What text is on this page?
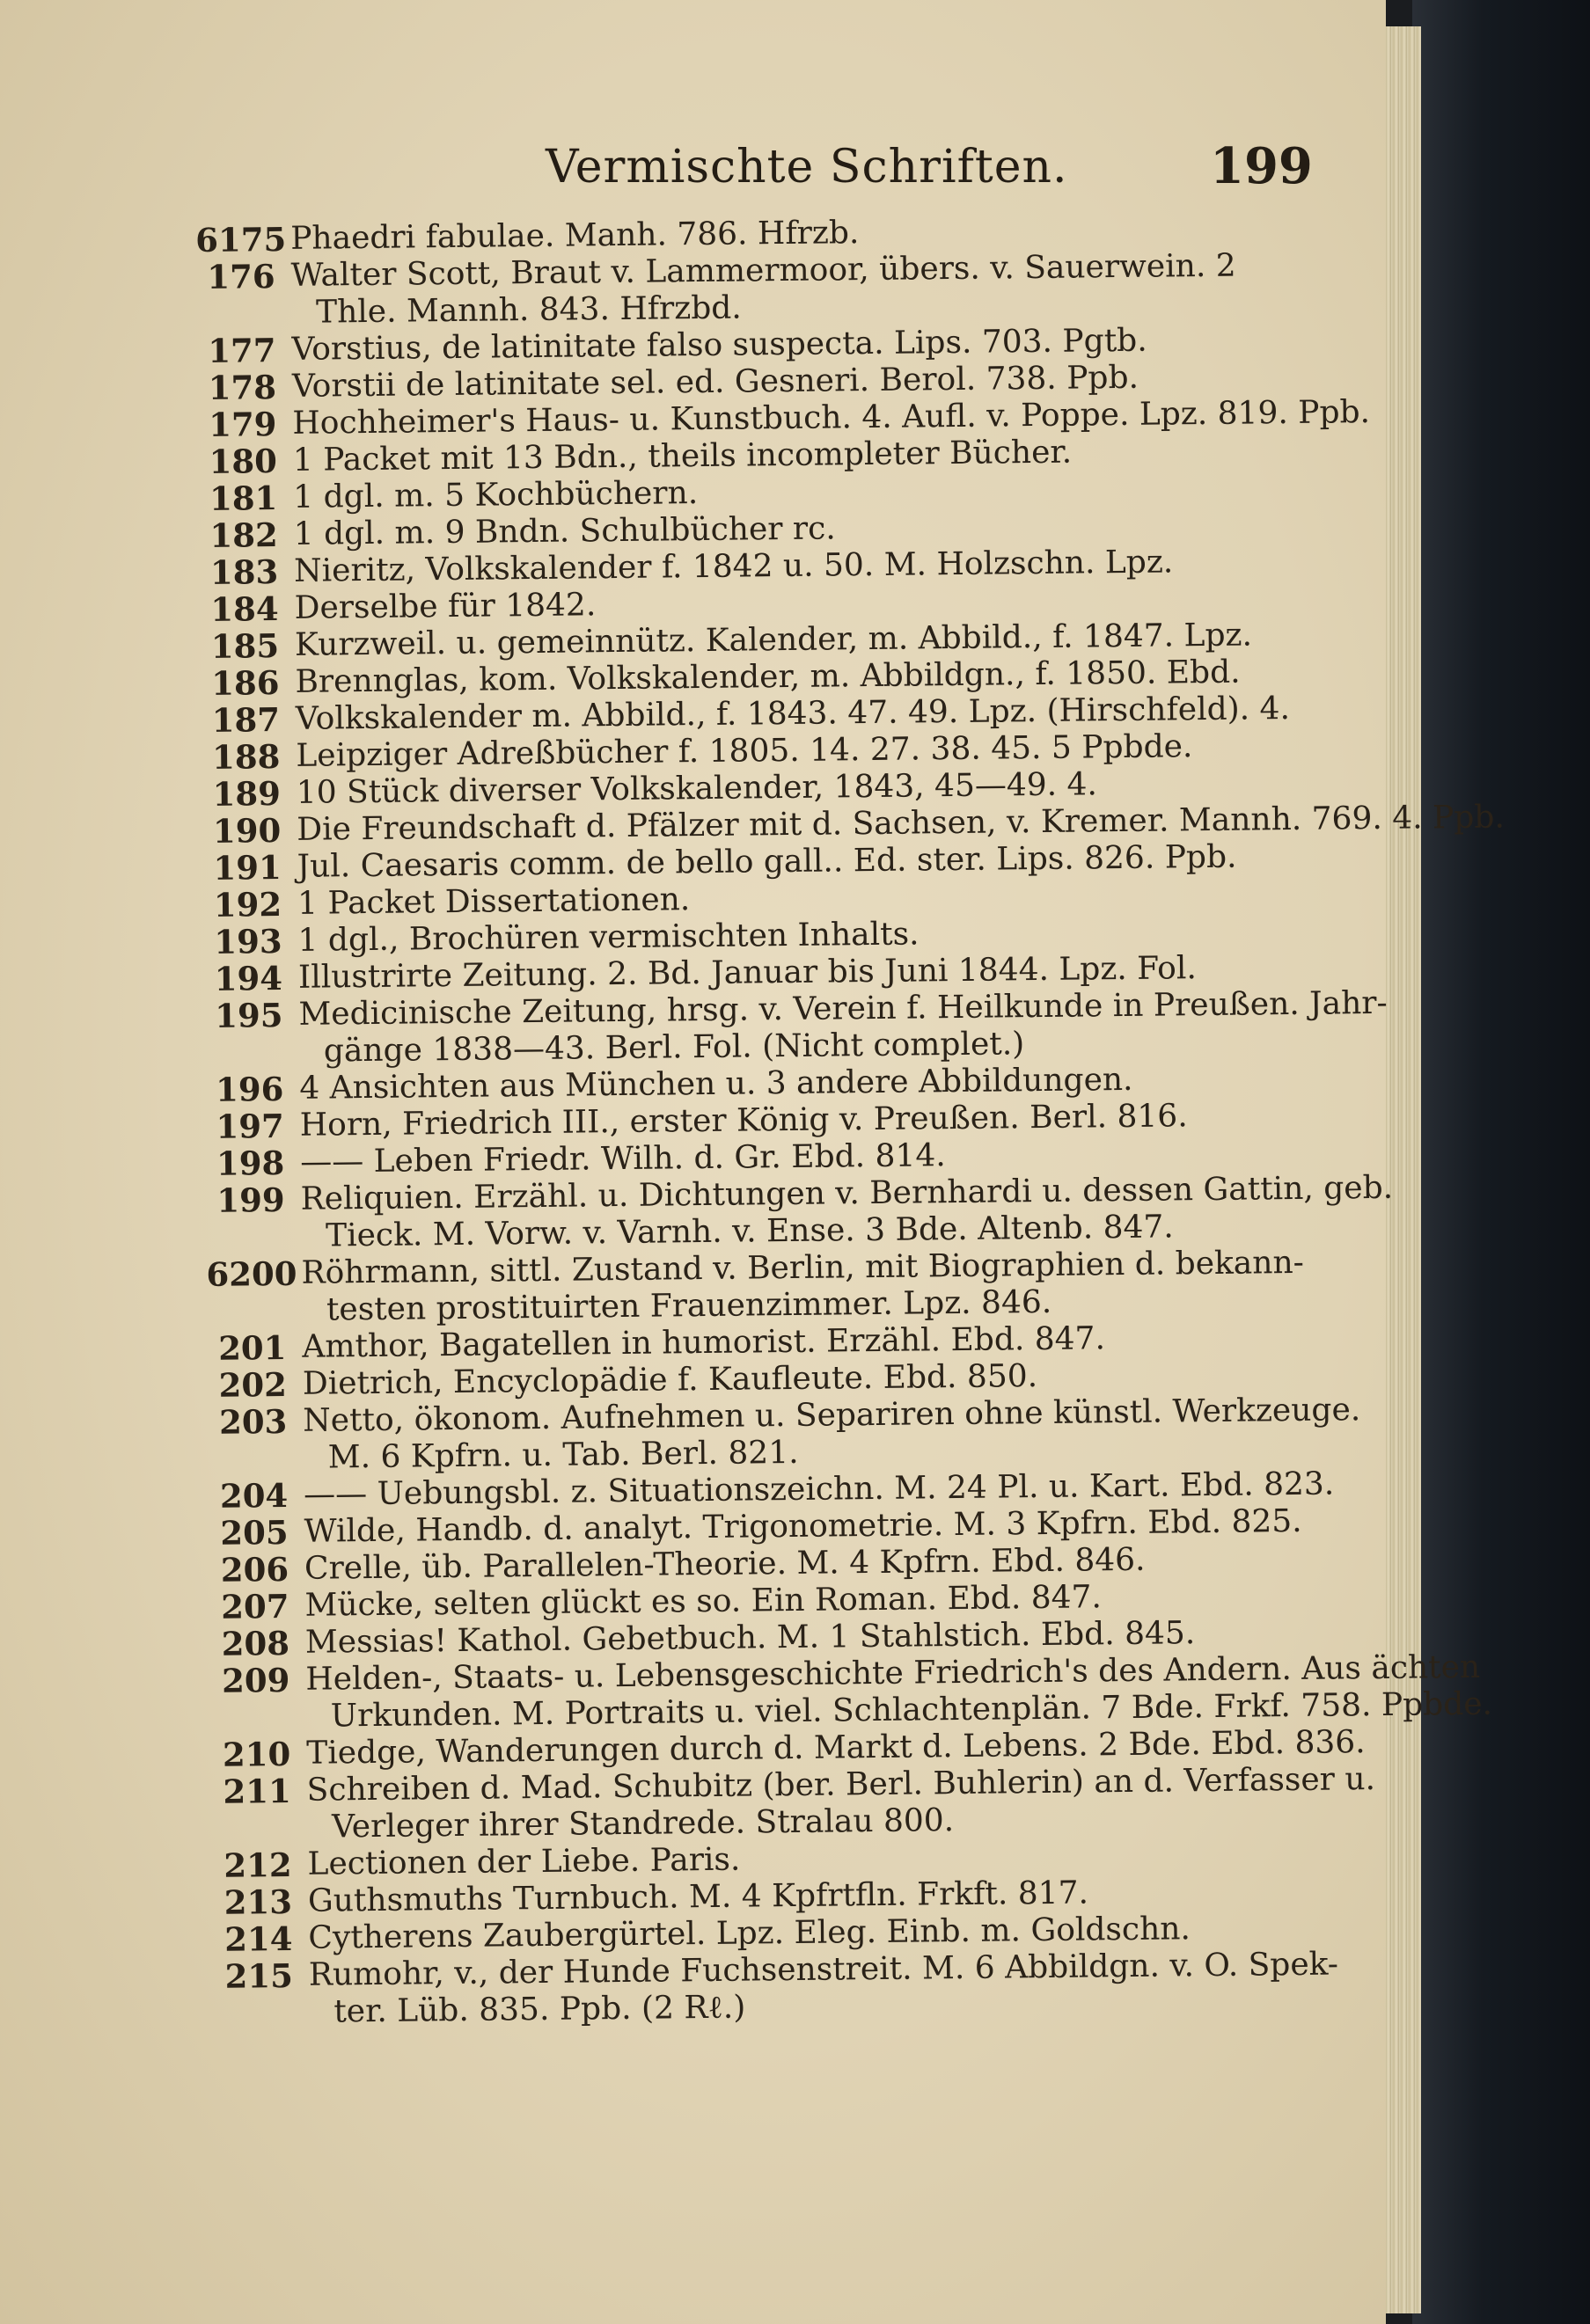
Vermischte Schriften.	199
6175 Phaedri fabulae. Manh. 786. Hfrzb.
176 Walter Scott, Braut v. Lammermoor, übers. v. Sauerwein. 2
Thle. Mannh. 843. Hfrzbd.
177 Vorstius, de latinitate falso suspecta. Lips. 703. Pgtb.
178 Vorstii de latinitate sel. ed. Gesneri. Berol. 738. Ppb.
179 Hochheimer's Haus- u. Kunstbuch. 4. Aufl. v. Poppe. Lpz. 819. Ppb.
180 1 Packet mit 13 Bdn., theils incompleter Bücher.
181 1 dgl. m. 5 Kochbüchern.
182 1 dgl. m. 9 Bndn. Schulbücher rc.
183 Nieritz, Volkskalender f. 1842 u. 50. M. Holzschn. Lpz.
184 Derselbe für 1842.
185 Kurzweil. u. gemeinnütz. Kalender, m. Abbild., f. 1847. Lpz.
186 Brennglas, kom. Volkskalender, m. Abbildgn., f. 1850. Ebd.
187 Volkskalender m. Abbild., f. 1843. 47. 49. Lpz. (Hirschfeld). 4.
188 Leipziger Adreßbücher f. 1805. 14. 27. 38. 45. 5 Ppbde.
189 10 Stück diverser Volkskalender, 1843, 45—49. 4.
190 Die Freundschaft d. Pfälzer mit d. Sachsen, v. Kremer. Mannh. 769. 4. Ppb.
191 Jul. Caesaris comm. de bello gall.. Ed. ster. Lips. 826. Ppb.
192 1 Packet Dissertationen.
193 1 dgl., Brochüren vermischten Inhalts.
194 Illustrirte Zeitung. 2. Bd. Januar bis Juni 1844. Lpz. Fol.
195 Medicinische Zeitung, hrsg. v. Verein f. Heilkunde in Preußen. Jahr-
gänge 1838—43. Berl. Fol. (Nicht complet.)
196 4 Ansichten aus München u. 3 andere Abbildungen.
197 Horn, Friedrich III., erster König v. Preußen. Berl. 816.
198 —— Leben Friedr. Wilh. d. Gr. Ebd. 814.
199 Reliquien. Erzähl. u. Dichtungen v. Bernhardi u. dessen Gattin, geb.
Tieck. M. Vorw. v. Varnh. v. Ense. 3 Bde. Altenb. 847.
6200 Röhrmann, sittl. Zustand v. Berlin, mit Biographien d. bekann-
testen prostituirten Frauenzimmer. Lpz. 846.
201 Amthor, Bagatellen in humorist. Erzähl. Ebd. 847.
202 Dietrich, Encyclopädie f. Kaufleute. Ebd. 850.
203 Netto, ökonom. Aufnehmen u. Separiren ohne künstl. Werkzeuge.
M. 6 Kpfrn. u. Tab. Berl. 821.
204 —— Uebungsbl. z. Situationszeichn. M. 24 Pl. u. Kart. Ebd. 823.
205 Wilde, Handb. d. analyt. Trigonometrie. M. 3 Kpfrn. Ebd. 825.
206 Crelle, üb. Parallelen-Theorie. M. 4 Kpfrn. Ebd. 846.
207 Mücke, selten glückt es so. Ein Roman. Ebd. 847.
208 Messias! Kathol. Gebetbuch. M. 1 Stahlstich. Ebd. 845.
209 Helden-, Staats- u. Lebensgeschichte Friedrich's des Andern. Aus ächten
Urkunden. M. Portraits u. viel. Schlachtenplän. 7 Bde. Frkf. 758. Ppbde.
210 Tiedge, Wanderungen durch d. Markt d. Lebens. 2 Bde. Ebd. 836.
211 Schreiben d. Mad. Schubitz (ber. Berl. Buhlerin) an d. Verfasser u.
Verleger ihrer Standrede. Stralau 800.
212 Lectionen der Liebe. Paris.
213 Guthsmuths Turnbuch. M. 4 Kpfrtfln. Frkft. 817.
214 Cytherens Zaubergürtel. Lpz. Eleg. Einb. m. Goldschn.
215 Rumohr, v., der Hunde Fuchsenstreit. M. 6 Abbildgn. v. O. Spek-
ter. Lüb. 835. Ppb. (2 Rℓ.)
